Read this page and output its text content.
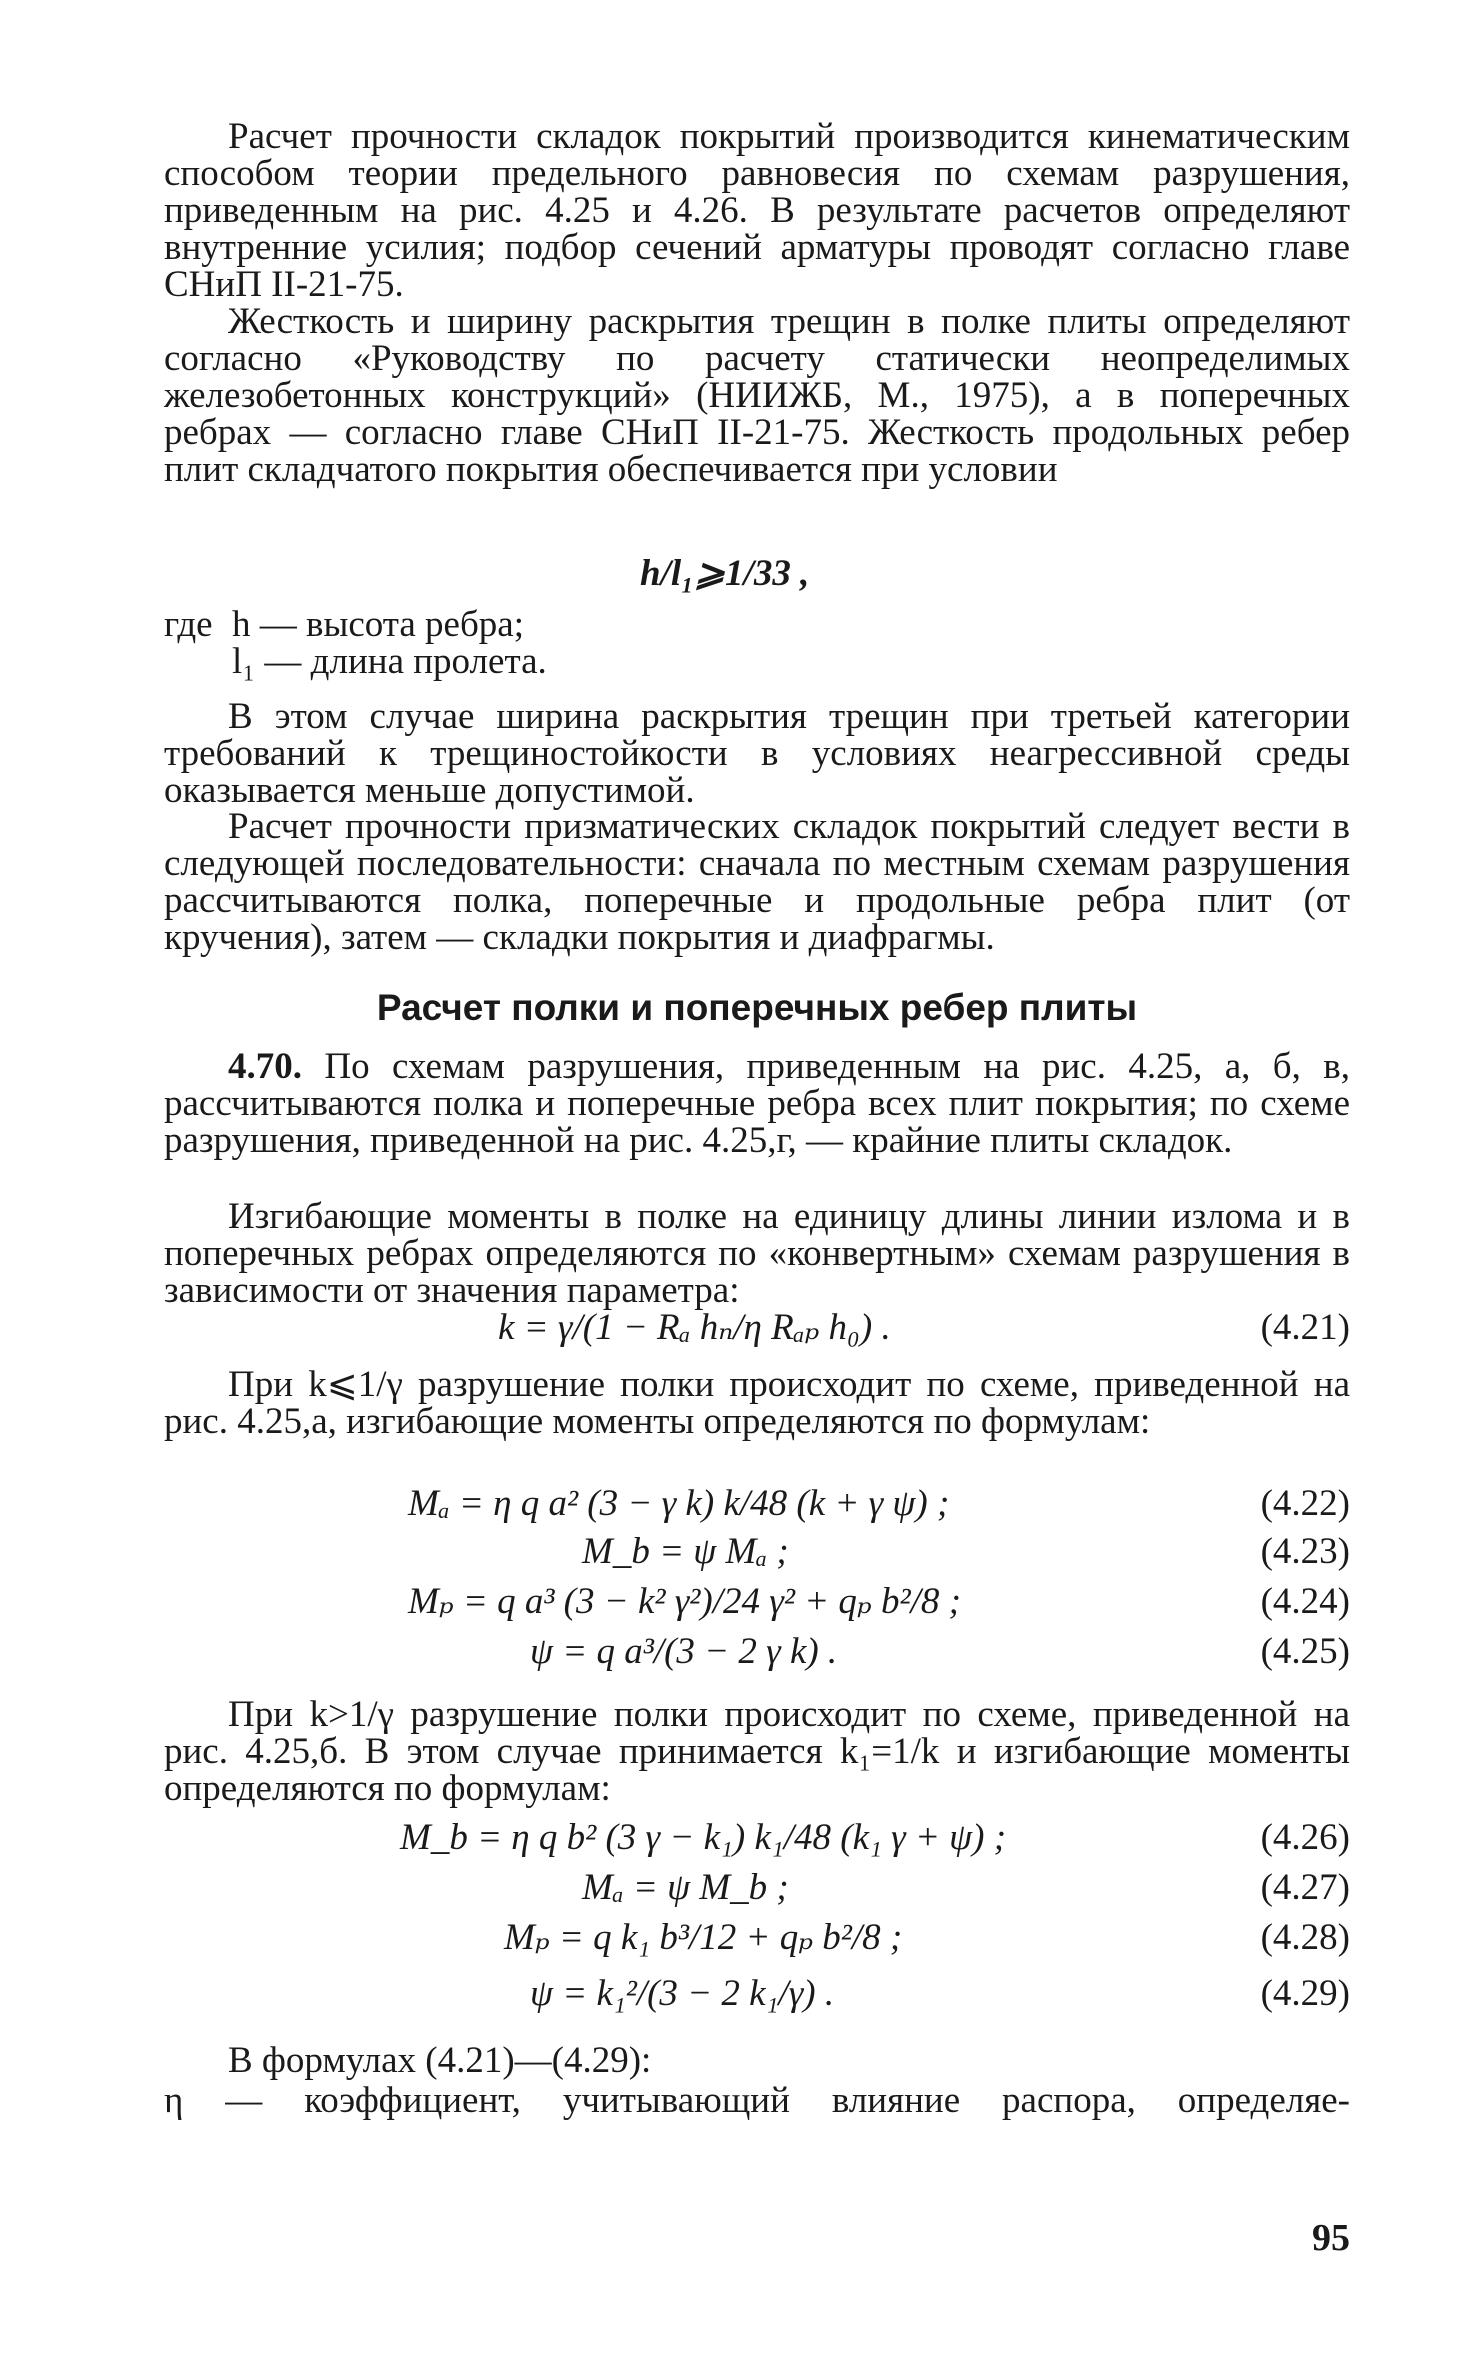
Расчет прочности складок покрытий производится кинематическим способом теории предельного равновесия по схемам разрушения, приведенным на рис. 4.25 и 4.26. В результате расчетов определяют внутренние усилия; подбор сечений арматуры проводят согласно главе СНиП II-21-75.

Жесткость и ширину раскрытия трещин в полке плиты определяют согласно «Руководству по расчету статически неопределимых железобетонных конструкций» (НИИЖБ, М., 1975), а в поперечных ребрах — согласно главе СНиП II-21-75. Жесткость продольных ребер плит складчатого покрытия обеспечивается при условии

h/l₁⩾1/33 ,
где h — высота ребра;
l₁ — длина пролета.

В этом случае ширина раскрытия трещин при третьей категории требований к трещиностойкости в условиях неагрессивной среды оказывается меньше допустимой.

Расчет прочности призматических складок покрытий следует вести в следующей последовательности: сначала по местным схемам разрушения рассчитываются полка, поперечные и продольные ребра плит (от кручения), затем — складки покрытия и диафрагмы.

Расчет полки и поперечных ребер плиты

4.70. По схемам разрушения, приведенным на рис. 4.25, а, б, в, рассчитываются полка и поперечные ребра всех плит покрытия; по схеме разрушения, приведенной на рис. 4.25,г, — крайние плиты складок.

Изгибающие моменты в полке на единицу длины линии излома и в поперечных ребрах определяются по «конвертным» схемам разрушения в зависимости от значения параметра:

k = γ/(1 − Rₐ hₙ/η Rₐₚ h₀) .	(4.21)

При k⩽1/γ разрушение полки происходит по схеме, приведенной на рис. 4.25,а, изгибающие моменты определяются по формулам:

Mₐ = η q a² (3 − γ k) k/48 (k + γ ψ) ;	(4.22)
M_b = ψ Mₐ ;	(4.23)
Mₚ = q a³ (3 − k² γ²)/24 γ² + qₚ b²/8 ;	(4.24)
ψ = q a³/(3 − 2 γ k) .	(4.25)

При k>1/γ разрушение полки происходит по схеме, приведенной на рис. 4.25,б. В этом случае принимается k₁=1/k и изгибающие моменты определяются по формулам:

M_b = η q b² (3 γ − k₁) k₁/48 (k₁ γ + ψ) ;	(4.26)
Mₐ = ψ M_b ;	(4.27)
Mₚ = q k₁ b³/12 + qₚ b²/8 ;	(4.28)
ψ = k₁²/(3 − 2 k₁/γ) .	(4.29)

В формулах (4.21)—(4.29):

η — коэффициент, учитывающий влияние распора, определяе-

95
